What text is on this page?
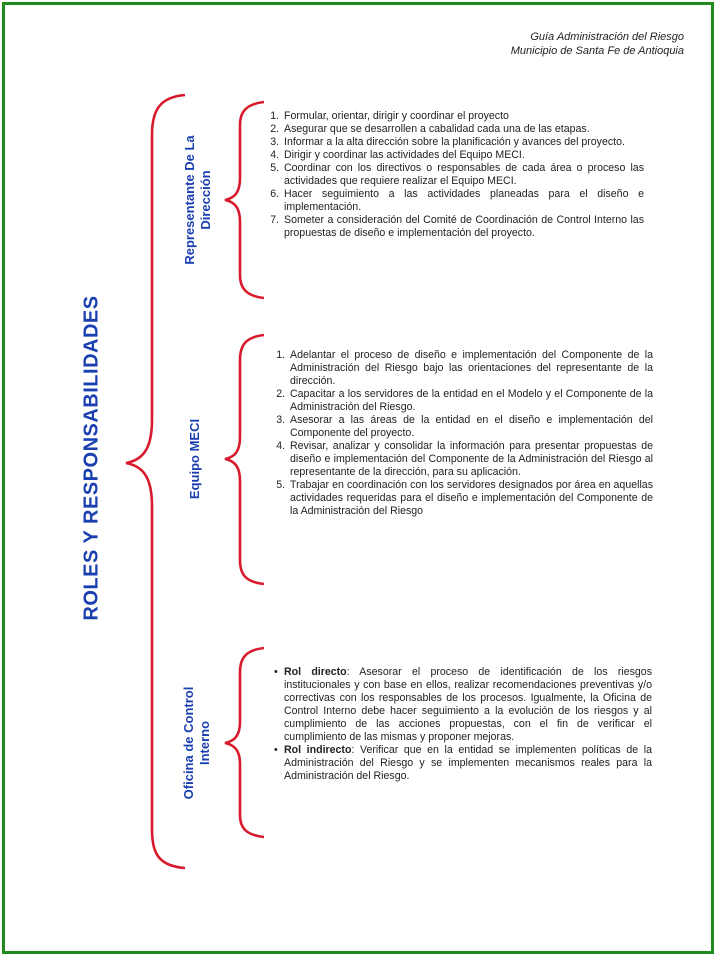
Guía Administración del Riesgo
Municipio de Santa Fe de Antioquia
ROLES Y RESPONSABILIDADES
Representante De La Dirección
Equipo MECI
Oficina de Control Interno
1. Formular, orientar, dirigir y coordinar el proyecto
2. Asegurar que se desarrollen a cabalidad cada una de las etapas.
3. Informar a la alta dirección sobre la planificación y avances del proyecto.
4. Dirigir y coordinar las actividades del Equipo MECI.
5. Coordinar con los directivos o responsables de cada área o proceso las actividades que requiere realizar el Equipo MECI.
6. Hacer seguimiento a las actividades planeadas para el diseño e implementación.
7. Someter a consideración del Comité de Coordinación de Control Interno las propuestas de diseño e implementación del proyecto.
1. Adelantar el proceso de diseño e implementación del Componente de la Administración del Riesgo bajo las orientaciones del representante de la dirección.
2. Capacitar a los servidores de la entidad en el Modelo y el Componente de la Administración del Riesgo.
3. Asesorar a las áreas de la entidad en el diseño e implementación del Componente del proyecto.
4. Revisar, analizar y consolidar la información para presentar propuestas de diseño e implementación del Componente de la Administración del Riesgo al representante de la dirección, para su aplicación.
5. Trabajar en coordinación con los servidores designados por área en aquellas actividades requeridas para el diseño e implementación del Componente de la Administración del Riesgo
• Rol directo: Asesorar el proceso de identificación de los riesgos institucionales y con base en ellos, realizar recomendaciones preventivas y/o correctivas con los responsables de los procesos. Igualmente, la Oficina de Control Interno debe hacer seguimiento a la evolución de los riesgos y al cumplimiento de las acciones propuestas, con el fin de verificar el cumplimiento de las mismas y proponer mejoras.
• Rol indirecto: Verificar que en la entidad se implementen políticas de la Administración del Riesgo y se implementen mecanismos reales para la Administración del Riesgo.
